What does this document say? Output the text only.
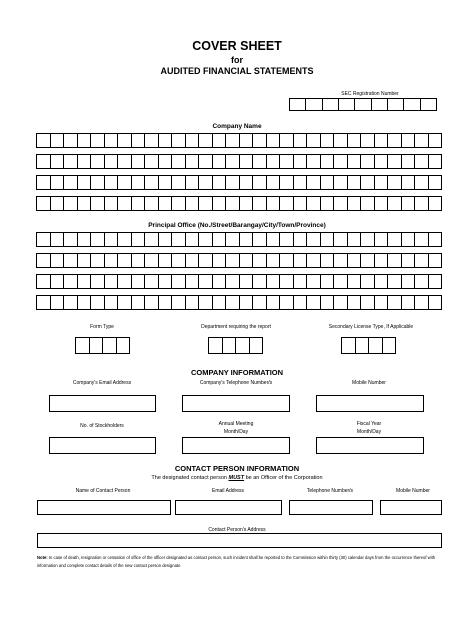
COVER SHEET
for
AUDITED FINANCIAL STATEMENTS
SEC Registration Number
Company Name
Principal Office (No./Street/Barangay/City/Town/Province)
Form Type	Department requiring the report	Secondary License Type, If Applicable
COMPANY INFORMATION
Company's Email Address	Company's Telephone Number/s	Mobile Number
No. of Stockholders	Annual Meeting
Month/Day
Fiscal Year
Month/Day
CONTACT PERSON INFORMATION
The designated contact person MUST be an Officer of the Corporation
Name of Contact Person	Email Address	Telephone Number/s	Mobile Number
Contact Person's Address
Note: In case of death, resignation or cessation of office of the officer designated as contact person, such incident shall be reported to the Commission within thirty (30) calendar days from the occurrence thereof with information and complete contact details of the new contact person designate
